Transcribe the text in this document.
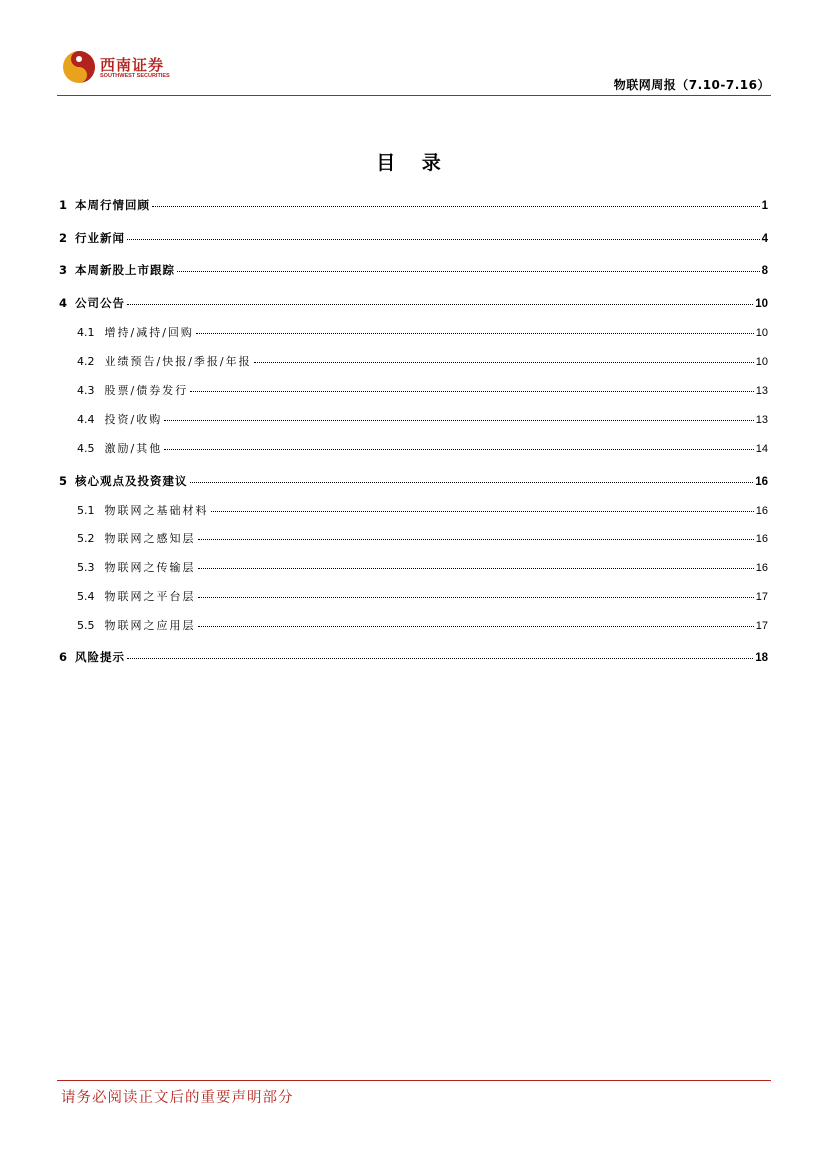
西南证券
SOUTHWEST SECURITIES
物联网周报（7.10-7.16）
目 录
1 本周行情回顾	1
2 行业新闻	4
3 本周新股上市跟踪	8
4 公司公告	10
4.1 增持/减持/回购	10
4.2 业绩预告/快报/季报/年报	10
4.3 股票/债券发行	13
4.4 投资/收购	13
4.5 激励/其他	14
5 核心观点及投资建议	16
5.1 物联网之基础材料	16
5.2 物联网之感知层	16
5.3 物联网之传输层	16
5.4 物联网之平台层	17
5.5 物联网之应用层	17
6 风险提示	18
请务必阅读正文后的重要声明部分
